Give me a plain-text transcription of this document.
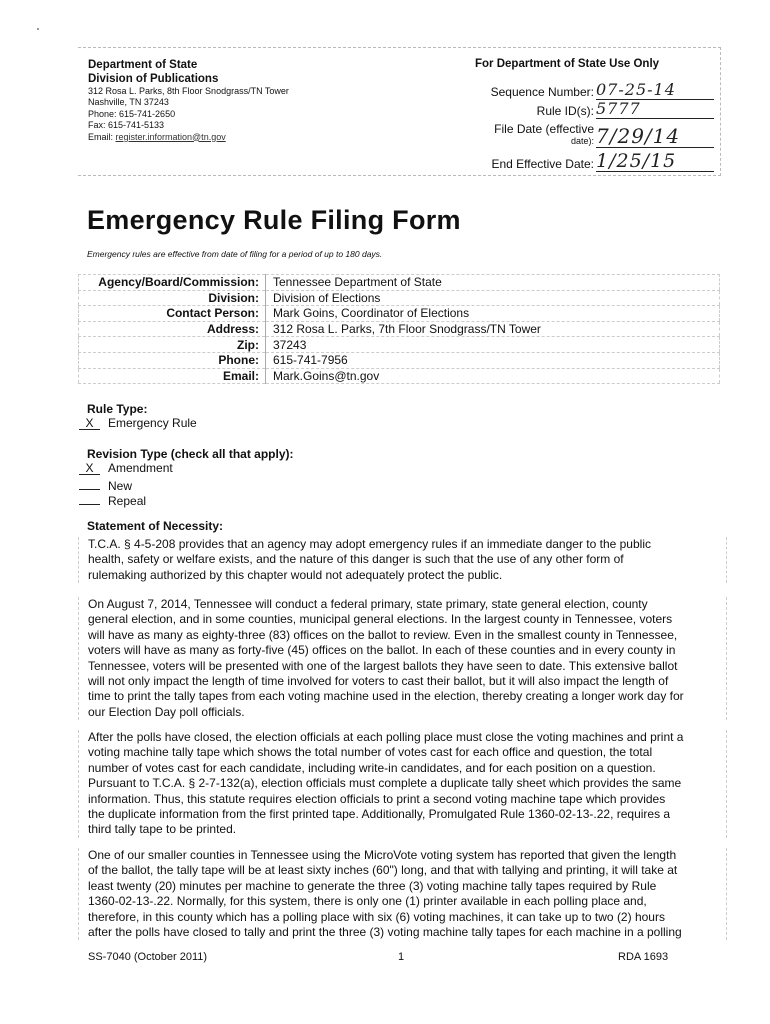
Department of State
Division of Publications
312 Rosa L. Parks, 8th Floor Snodgrass/TN Tower
Nashville, TN 37243
Phone: 615-741-2650
Fax: 615-741-5133
Email: register.information@tn.gov
For Department of State Use Only
Sequence Number: 07-25-14
Rule ID(s): 5777
File Date (effective
date): 7/29/14
End Effective Date: 1/25/15
Emergency Rule Filing Form
Emergency rules are effective from date of filing for a period of up to 180 days.
Agency/Board/Commission:	Tennessee Department of State
Division:	Division of Elections
Contact Person:	Mark Goins, Coordinator of Elections
Address:	312 Rosa L. Parks, 7th Floor Snodgrass/TN Tower
Zip:	37243
Phone:	615-741-7956
Email:	Mark.Goins@tn.gov
Rule Type:
X Emergency Rule
Revision Type (check all that apply):
X Amendment
New
Repeal
Statement of Necessity:
T.C.A. § 4-5-208 provides that an agency may adopt emergency rules if an immediate danger to the public
health, safety or welfare exists, and the nature of this danger is such that the use of any other form of
rulemaking authorized by this chapter would not adequately protect the public.
On August 7, 2014, Tennessee will conduct a federal primary, state primary, state general election, county
general election, and in some counties, municipal general elections. In the largest county in Tennessee, voters
will have as many as eighty-three (83) offices on the ballot to review. Even in the smallest county in Tennessee,
voters will have as many as forty-five (45) offices on the ballot. In each of these counties and in every county in
Tennessee, voters will be presented with one of the largest ballots they have seen to date. This extensive ballot
will not only impact the length of time involved for voters to cast their ballot, but it will also impact the length of
time to print the tally tapes from each voting machine used in the election, thereby creating a longer work day for
our Election Day poll officials.
After the polls have closed, the election officials at each polling place must close the voting machines and print a
voting machine tally tape which shows the total number of votes cast for each office and question, the total
number of votes cast for each candidate, including write-in candidates, and for each position on a question.
Pursuant to T.C.A. § 2-7-132(a), election officials must complete a duplicate tally sheet which provides the same
information. Thus, this statute requires election officials to print a second voting machine tape which provides
the duplicate information from the first printed tape. Additionally, Promulgated Rule 1360-02-13-.22, requires a
third tally tape to be printed.
One of our smaller counties in Tennessee using the MicroVote voting system has reported that given the length
of the ballot, the tally tape will be at least sixty inches (60") long, and that with tallying and printing, it will take at
least twenty (20) minutes per machine to generate the three (3) voting machine tally tapes required by Rule
1360-02-13-.22. Normally, for this system, there is only one (1) printer available in each polling place and,
therefore, in this county which has a polling place with six (6) voting machines, it can take up to two (2) hours
after the polls have closed to tally and print the three (3) voting machine tally tapes for each machine in a polling
SS-7040 (October 2011)	1	RDA 1693
